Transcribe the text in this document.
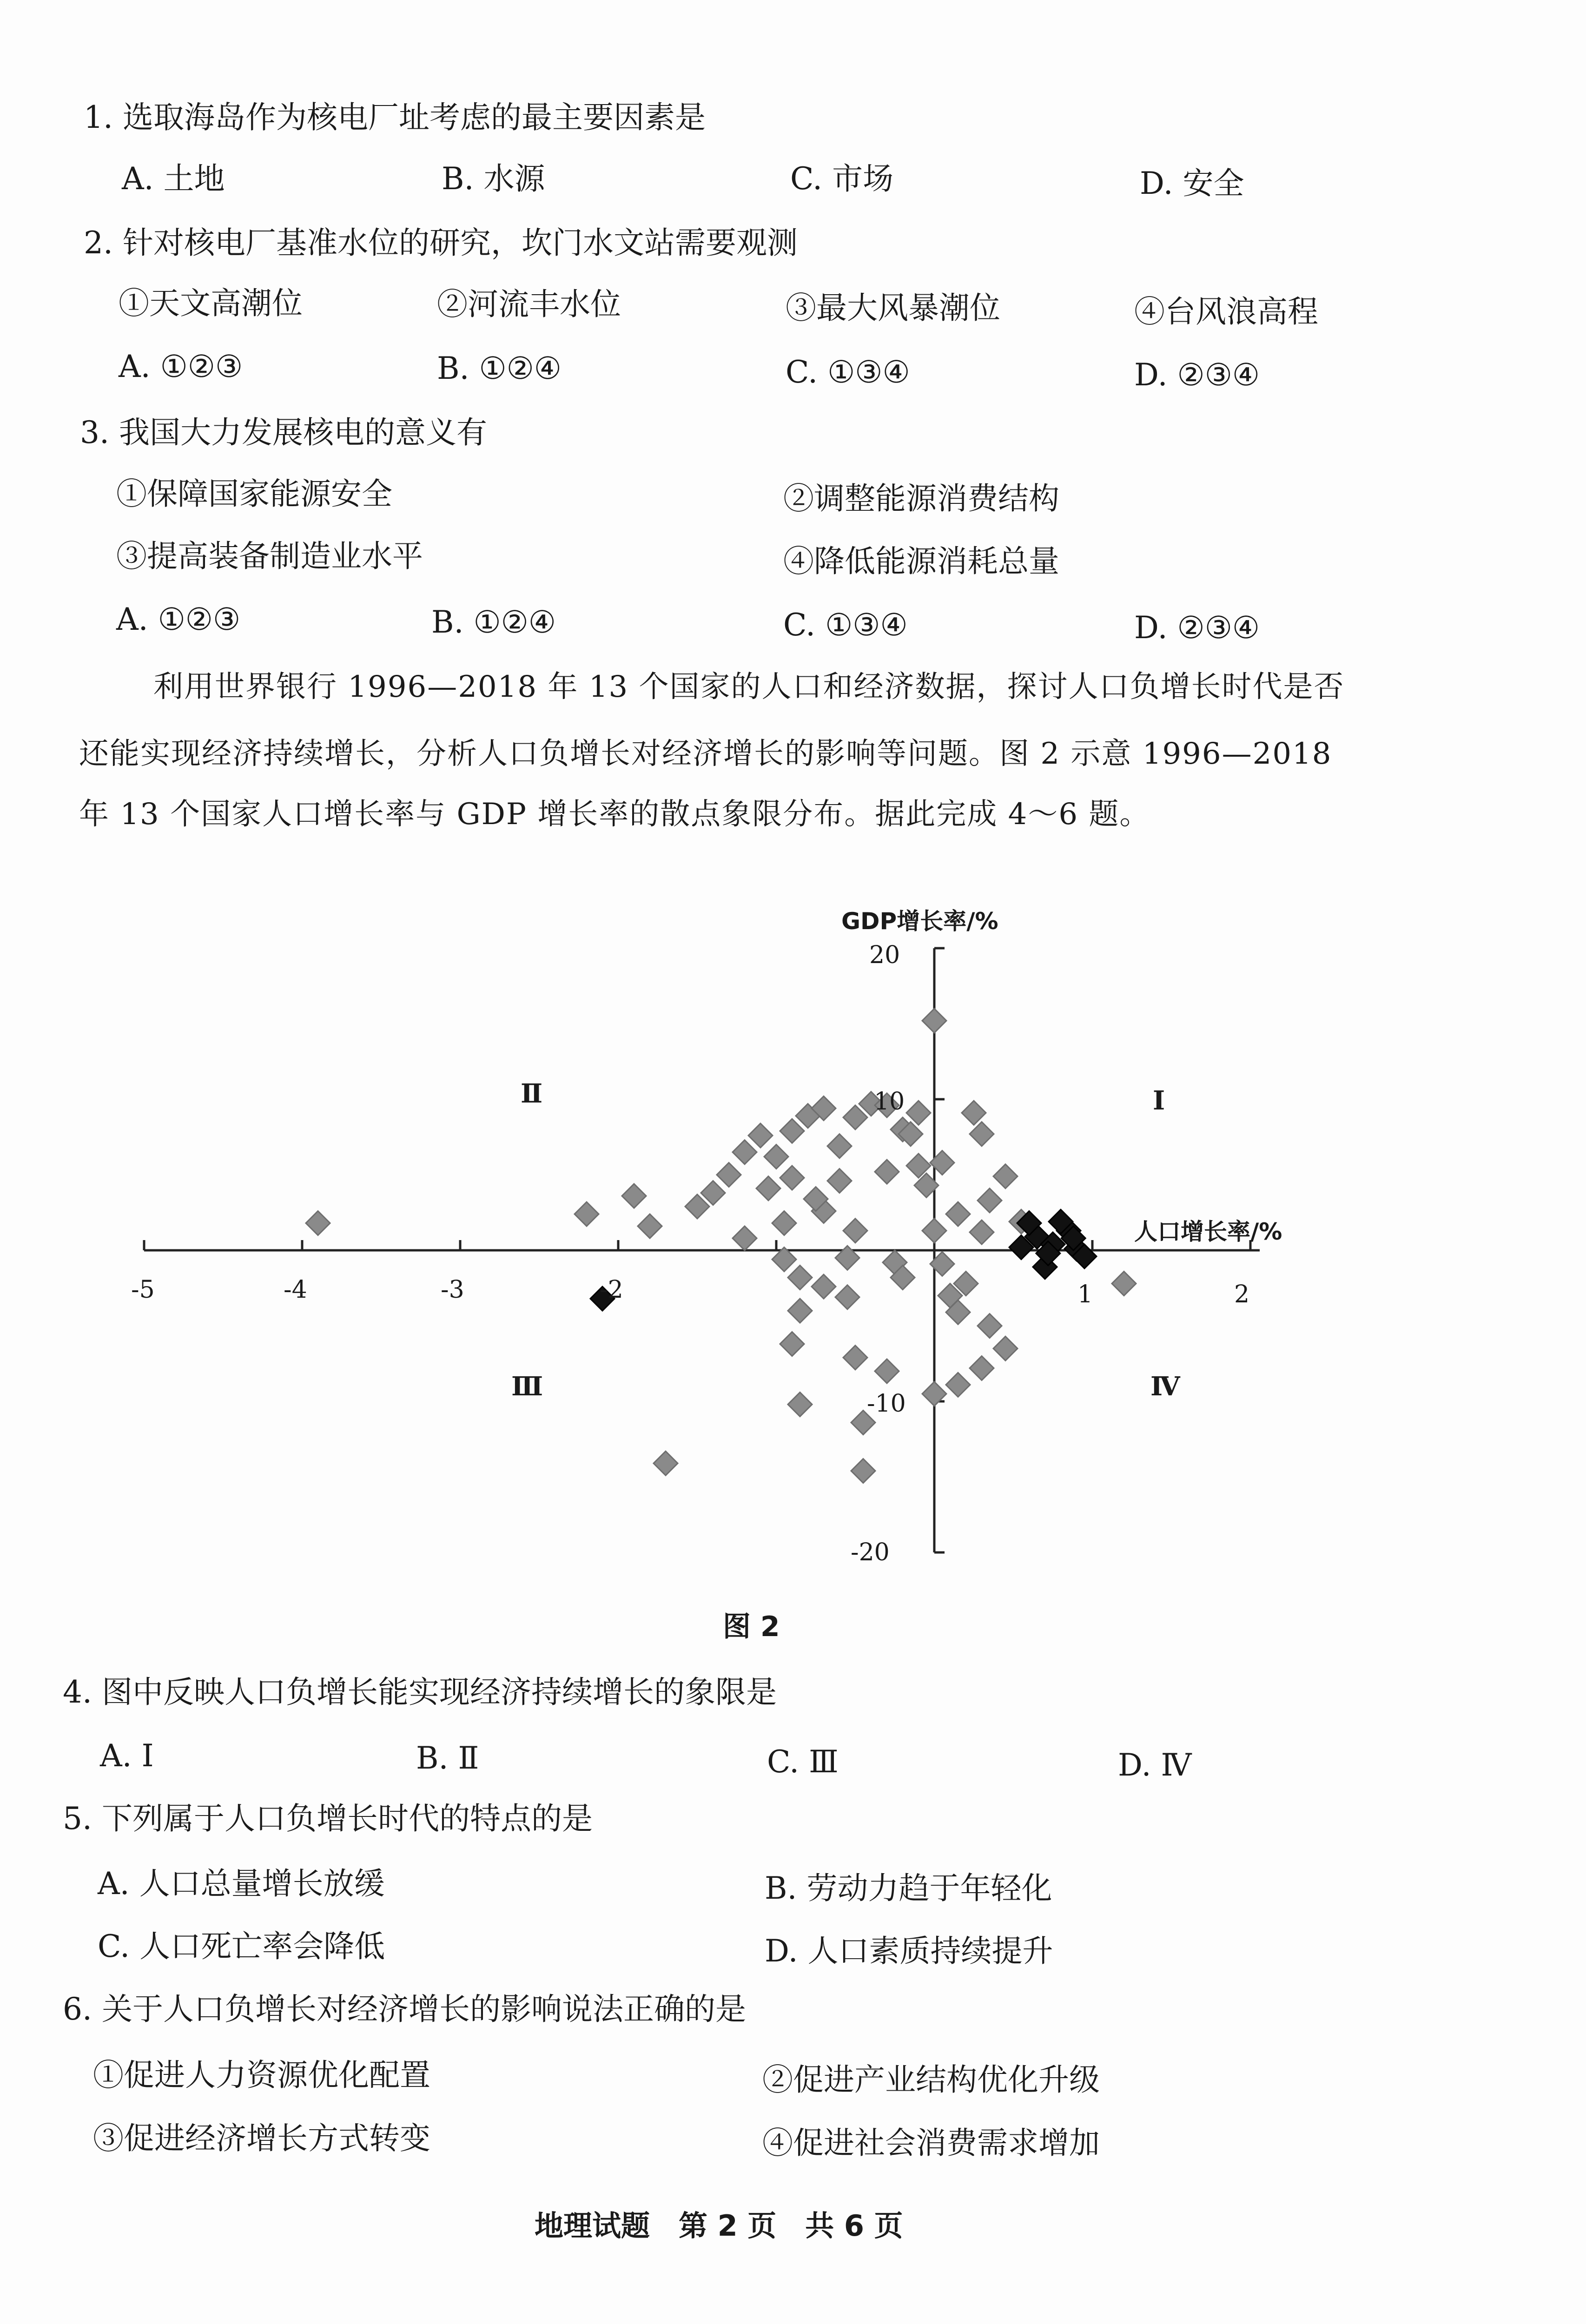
1. 选取海岛作为核电厂址考虑的最主要因素是
A. 土地	B. 水源	C. 市场	D. 安全
2. 针对核电厂基准水位的研究，坎门水文站需要观测
①天文高潮位	②河流丰水位	③最大风暴潮位	④台风浪高程
A. ①②③	B. ①②④	C. ①③④	D. ②③④
3. 我国大力发展核电的意义有
①保障国家能源安全	②调整能源消费结构
③提高装备制造业水平	④降低能源消耗总量
A. ①②③	B. ①②④	C. ①③④	D. ②③④
利用世界银行 1996—2018 年 13 个国家的人口和经济数据，探讨人口负增长时代是否
还能实现经济持续增长，分析人口负增长对经济增长的影响等问题。图 2 示意 1996—2018
年 13 个国家人口增长率与 GDP 增长率的散点象限分布。据此完成 4～6 题。
GDP增长率/%
人口增长率/%
Ⅰ
Ⅱ
Ⅲ	Ⅳ
20
10
-10
-20
-5	-4	-3	-2	1	2
图 2
4. 图中反映人口负增长能实现经济持续增长的象限是
A. Ⅰ	B. Ⅱ	C. Ⅲ	D. Ⅳ
5. 下列属于人口负增长时代的特点的是
A. 人口总量增长放缓	B. 劳动力趋于年轻化
C. 人口死亡率会降低	D. 人口素质持续提升
6. 关于人口负增长对经济增长的影响说法正确的是
①促进人力资源优化配置	②促进产业结构优化升级
③促进经济增长方式转变	④促进社会消费需求增加
地理试题　第 2 页　共 6 页
